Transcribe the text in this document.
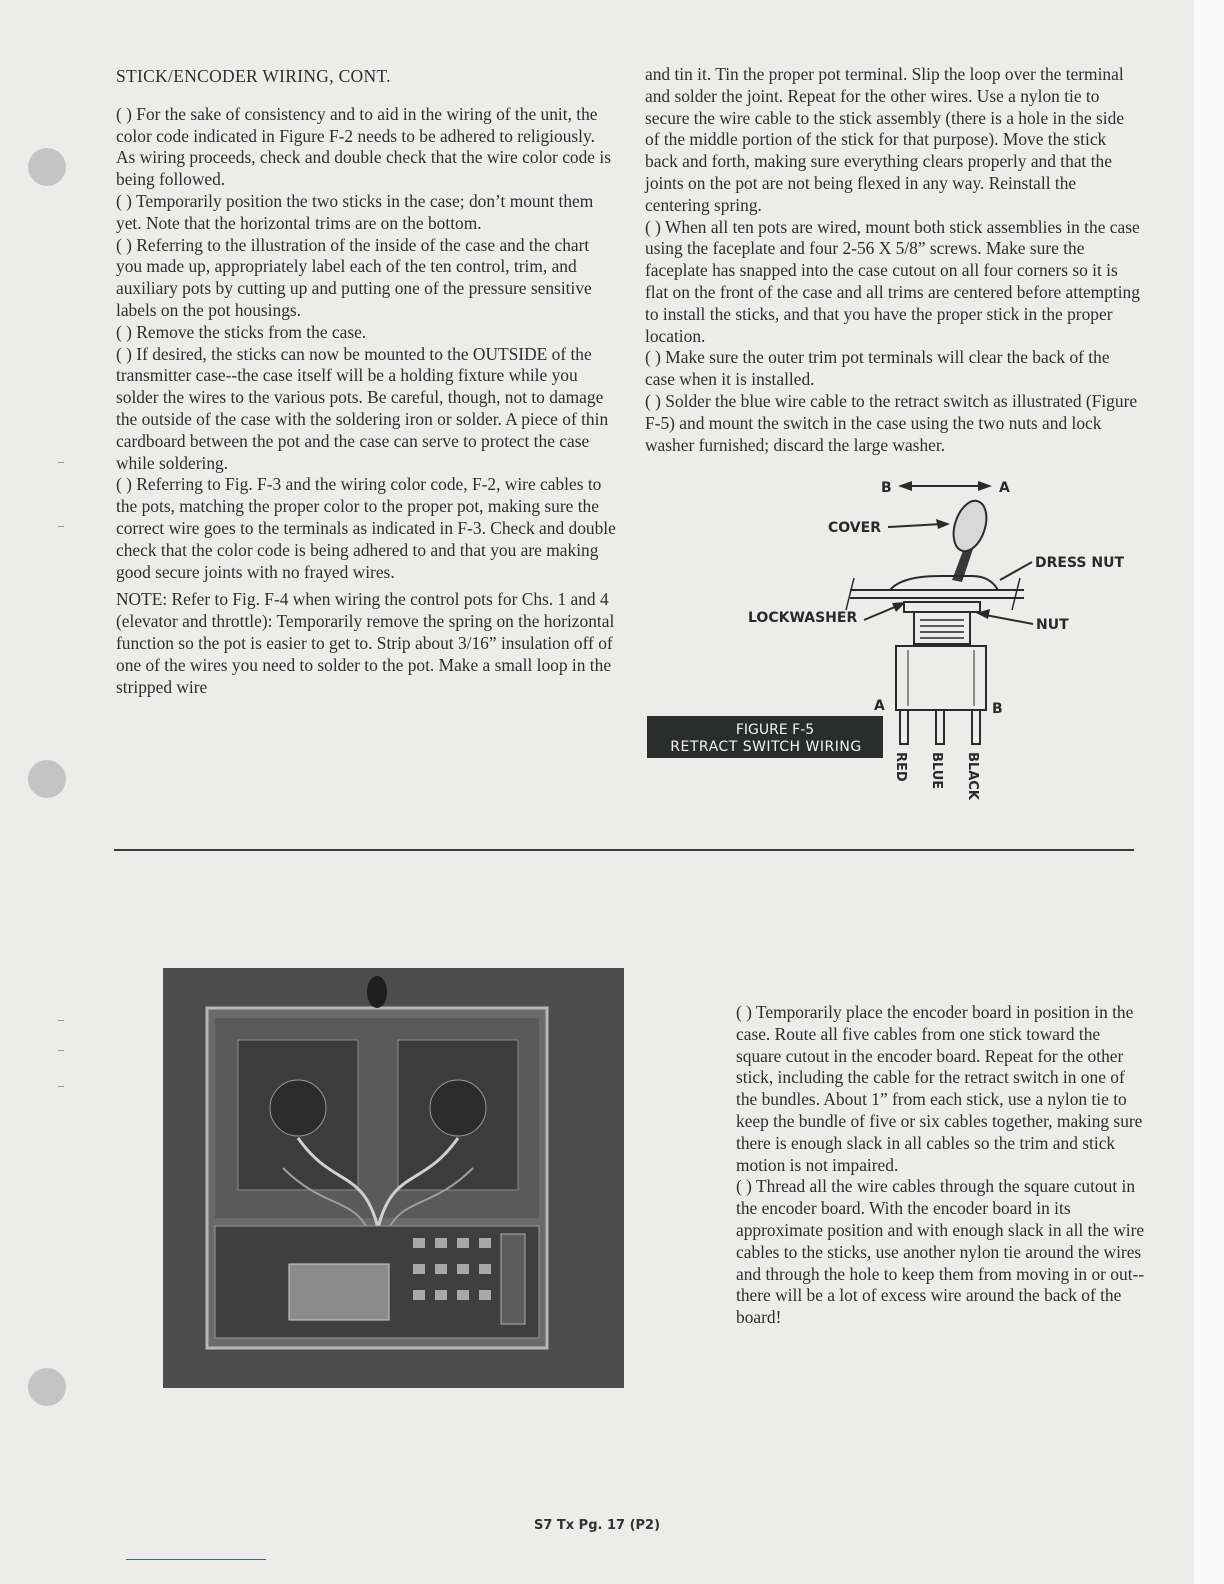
STICK/ENCODER WIRING, CONT.

( ) For the sake of consistency and to aid in the wiring of the unit, the color code indicated in Figure F-2 needs to be adhered to religiously. As wiring proceeds, check and double check that the wire color code is being followed.

( ) Temporarily position the two sticks in the case; don’t mount them yet. Note that the horizontal trims are on the bottom.

( ) Referring to the illustration of the inside of the case and the chart you made up, appropriately label each of the ten control, trim, and auxiliary pots by cutting up and putting one of the pressure sensitive labels on the pot housings.

( ) Remove the sticks from the case.

( ) If desired, the sticks can now be mounted to the OUTSIDE of the transmitter case--the case itself will be a holding fixture while you solder the wires to the various pots. Be careful, though, not to damage the outside of the case with the soldering iron or solder. A piece of thin cardboard between the pot and the case can serve to protect the case while soldering.

( ) Referring to Fig. F-3 and the wiring color code, F-2, wire cables to the pots, matching the proper color to the proper pot, making sure the correct wire goes to the terminals as indicated in F-3. Check and double check that the color code is being adhered to and that you are making good secure joints with no frayed wires.

NOTE: Refer to Fig. F-4 when wiring the control pots for Chs. 1 and 4 (elevator and throttle): Temporarily remove the spring on the horizontal function so the pot is easier to get to. Strip about 3/16” insulation off of one of the wires you need to solder to the pot. Make a small loop in the stripped wire

and tin it. Tin the proper pot terminal. Slip the loop over the terminal and solder the joint. Repeat for the other wires. Use a nylon tie to secure the wire cable to the stick assembly (there is a hole in the side of the middle portion of the stick for that purpose). Move the stick back and forth, making sure everything clears properly and that the joints on the pot are not being flexed in any way. Reinstall the centering spring.

( ) When all ten pots are wired, mount both stick assemblies in the case using the faceplate and four 2-56 X 5/8” screws. Make sure the faceplate has snapped into the case cutout on all four corners so it is flat on the front of the case and all trims are centered before attempting to install the sticks, and that you have the proper stick in the proper location.

( ) Make sure the outer trim pot terminals will clear the back of the case when it is installed.

( ) Solder the blue wire cable to the retract switch as illustrated (Figure F-5) and mount the switch in the case using the two nuts and lock washer furnished; discard the large washer.

B	A
COVER
DRESS NUT
LOCKWASHER	NUT
A	B
RED BLUE BLACK
FIGURE F-5
RETRACT SWITCH WIRING

( ) Temporarily place the encoder board in position in the case. Route all five cables from one stick toward the square cutout in the encoder board. Repeat for the other stick, including the cable for the retract switch in one of the bundles. About 1” from each stick, use a nylon tie to keep the bundle of five or six cables together, making sure there is enough slack in all cables so the trim and stick motion is not impaired.

( ) Thread all the wire cables through the square cutout in the encoder board. With the encoder board in its approximate position and with enough slack in all the wire cables to the sticks, use another nylon tie around the wires and through the hole to keep them from moving in or out--there will be a lot of excess wire around the back of the board!

S7 Tx Pg. 17 (P2)
